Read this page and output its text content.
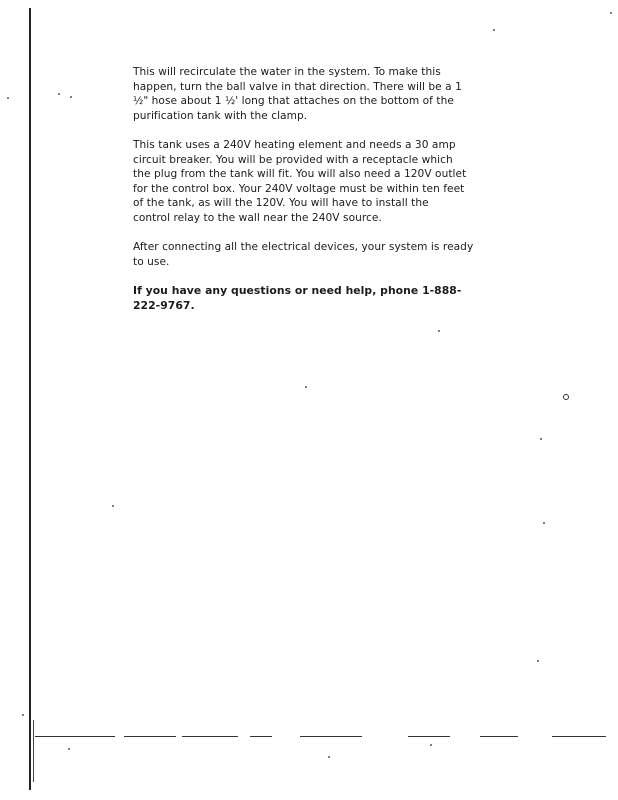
This will recirculate the water in the system. To make this
happen, turn the ball valve in that direction. There will be a 1
½" hose about 1 ½' long that attaches on the bottom of the
purification tank with the clamp.

This tank uses a 240V heating element and needs a 30 amp
circuit breaker. You will be provided with a receptacle which
the plug from the tank will fit. You will also need a 120V outlet
for the control box. Your 240V voltage must be within ten feet
of the tank, as will the 120V. You will have to install the
control relay to the wall near the 240V source.

After connecting all the electrical devices, your system is ready
to use.

If you have any questions or need help, phone 1-888-
222-9767.
